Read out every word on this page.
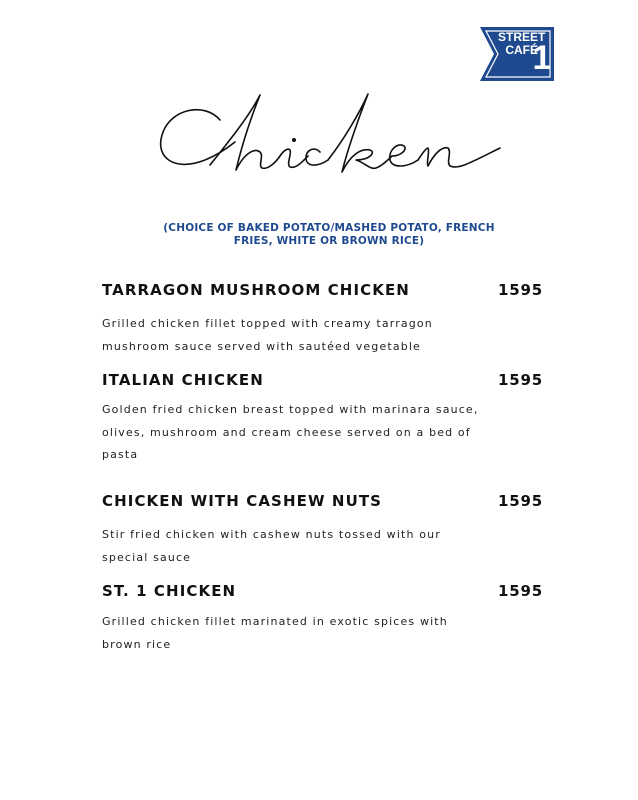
1
STREET
CAFÉ
(CHOICE OF BAKED POTATO/MASHED POTATO, FRENCH FRIES, WHITE OR BROWN RICE)
TARRAGON MUSHROOM CHICKEN	1595
Grilled chicken fillet topped with creamy tarragon mushroom sauce served with sautéed vegetable
ITALIAN CHICKEN	1595
Golden fried chicken breast topped with marinara sauce, olives, mushroom and cream cheese served on a bed of pasta
CHICKEN WITH CASHEW NUTS	1595
Stir fried chicken with cashew nuts tossed with our special sauce
ST. 1 CHICKEN	1595
Grilled chicken fillet marinated in exotic spices with brown rice
